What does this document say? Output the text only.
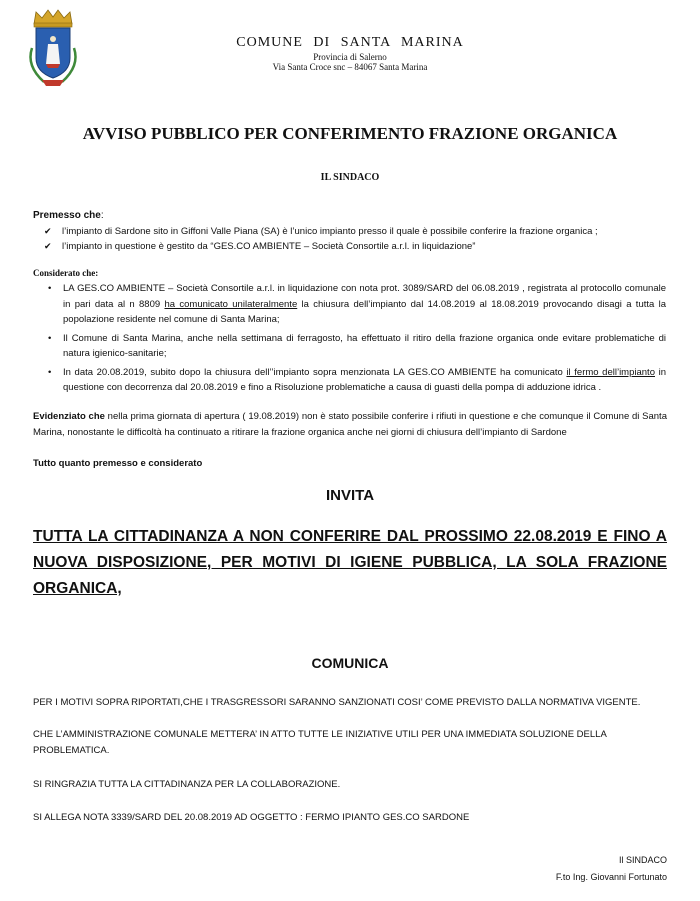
COMUNE DI SANTA MARINA
Provincia di Salerno
Via Santa Croce snc – 84067 Santa Marina
AVVISO PUBBLICO PER CONFERIMENTO FRAZIONE ORGANICA
IL SINDACO
Premesso che:
✔ l’impianto di Sardone sito in Giffoni Valle Piana (SA) è l’unico impianto presso il quale è possibile conferire la frazione organica ;
✔ l’impianto in questione è gestito da “GES.CO AMBIENTE – Società Consortile a.r.l. in liquidazione”
Considerato che:
• LA GES.CO AMBIENTE – Società Consortile a.r.l. in liquidazione con nota prot. 3089/SARD del 06.08.2019 , registrata al protocollo comunale in pari data al n 8809 ha comunicato unilateralmente la chiusura dell’impianto dal 14.08.2019 al 18.08.2019 provocando disagi a tutta la popolazione residente nel comune di Santa Marina;
• Il Comune di Santa Marina, anche nella settimana di ferragosto, ha effettuato il ritiro della frazione organica onde evitare problematiche di natura igienico-sanitarie;
• In data 20.08.2019, subito dopo la chiusura dell’’impianto sopra menzionata LA GES.CO AMBIENTE ha comunicato il fermo dell’impianto in questione con decorrenza dal 20.08.2019 e fino a Risoluzione problematiche a causa di guasti della pompa di adduzione idrica .
Evidenziato che nella prima giornata di apertura ( 19.08.2019) non è stato possibile conferire i rifiuti in questione e che comunque il Comune di Santa Marina, nonostante le difficoltà ha continuato a ritirare la frazione organica anche nei giorni di chiusura dell’impianto di Sardone
Tutto quanto premesso e considerato
INVITA
TUTTA LA CITTADINANZA A NON CONFERIRE DAL PROSSIMO 22.08.2019 E FINO A NUOVA DISPOSIZIONE, PER MOTIVI DI IGIENE PUBBLICA, LA SOLA FRAZIONE ORGANICA,
COMUNICA
PER I MOTIVI SOPRA RIPORTATI,CHE I TRASGRESSORI SARANNO SANZIONATI COSI’ COME PREVISTO DALLA NORMATIVA VIGENTE.
CHE L’AMMINISTRAZIONE COMUNALE METTERA’ IN ATTO TUTTE LE INIZIATIVE UTILI PER UNA IMMEDIATA SOLUZIONE DELLA PROBLEMATICA.
SI RINGRAZIA TUTTA LA CITTADINANZA PER LA COLLABORAZIONE.
SI ALLEGA NOTA 3339/SARD DEL 20.08.2019 AD OGGETTO : FERMO IPIANTO GES.CO SARDONE
Il SINDACO
F.to Ing. Giovanni Fortunato
